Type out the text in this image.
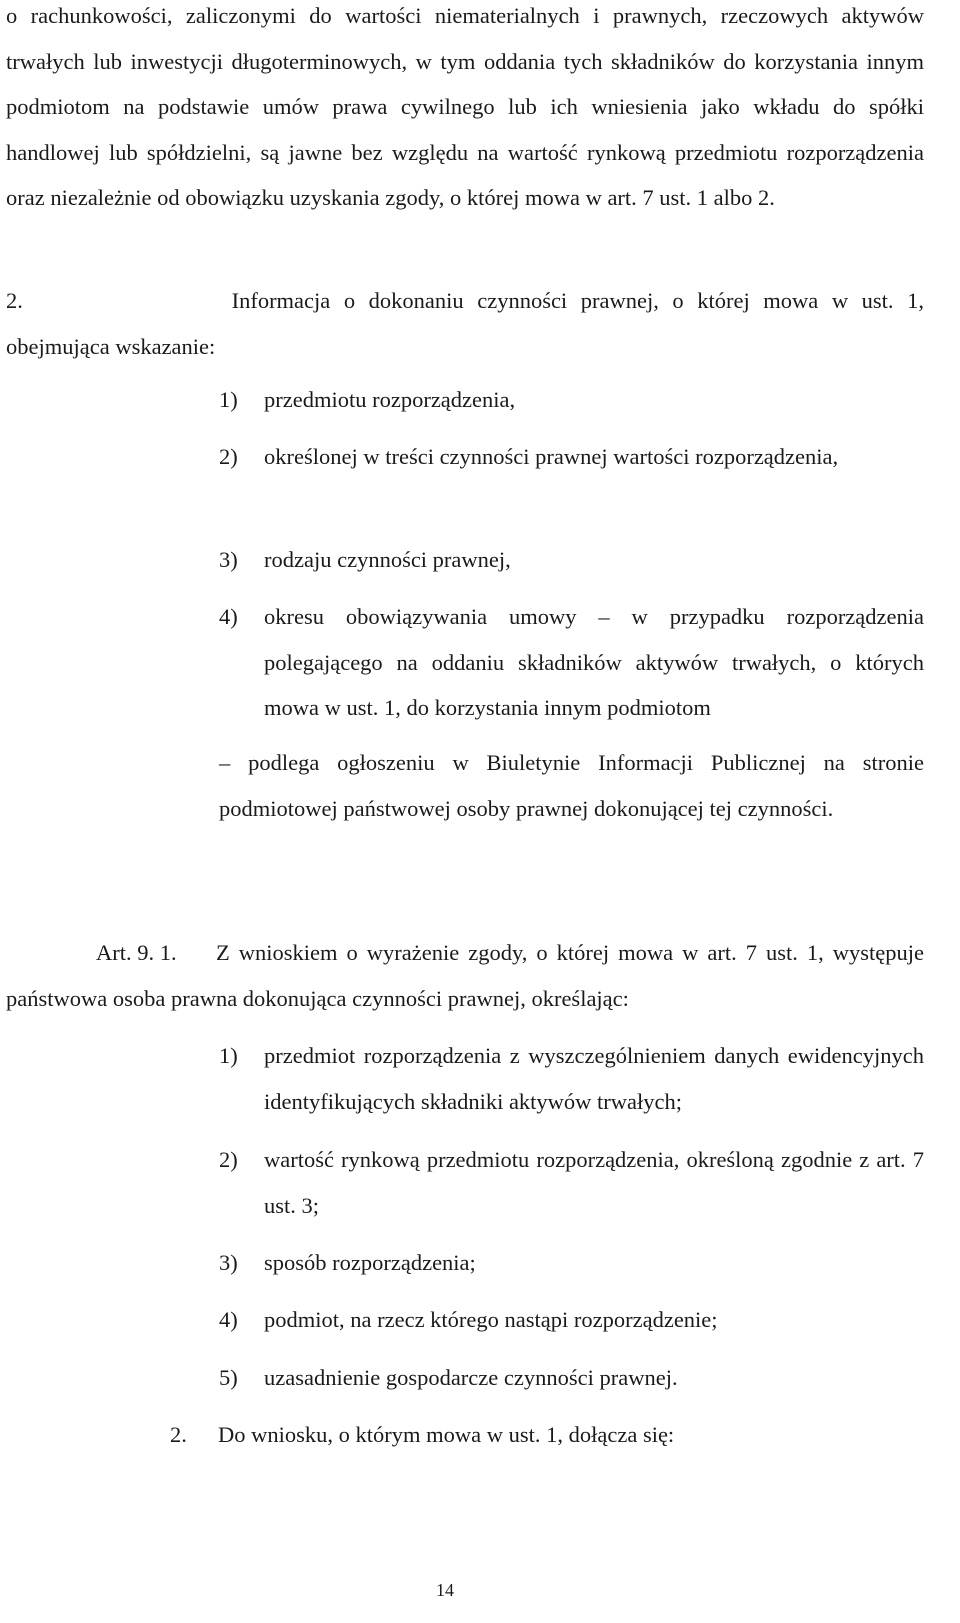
o rachunkowości, zaliczonymi do wartości niematerialnych i prawnych, rzeczowych aktywów trwałych lub inwestycji długoterminowych, w tym oddania tych składników do korzystania innym podmiotom na podstawie umów prawa cywilnego lub ich wniesienia jako wkładu do spółki handlowej lub spółdzielni, są jawne bez względu na wartość rynkową przedmiotu rozporządzenia oraz niezależnie od obowiązku uzyskania zgody, o której mowa w art. 7 ust. 1 albo 2.

2.	Informacja o dokonaniu czynności prawnej, o której mowa w ust. 1, obejmująca wskazanie:

1)	przedmiotu rozporządzenia,
2)	określonej w treści czynności prawnej wartości rozporządzenia,
3)	rodzaju czynności prawnej,
4)	okresu obowiązywania umowy – w przypadku rozporządzenia polegającego na oddaniu składników aktywów trwałych, o których mowa w ust. 1, do korzystania innym podmiotom

– podlega ogłoszeniu w Biuletynie Informacji Publicznej na stronie podmiotowej państwowej osoby prawnej dokonującej tej czynności.

Art. 9. 1. Z wnioskiem o wyrażenie zgody, o której mowa w art. 7 ust. 1, występuje państwowa osoba prawna dokonująca czynności prawnej, określając:

1)	przedmiot rozporządzenia z wyszczególnieniem danych ewidencyjnych identyfikujących składniki aktywów trwałych;
2)	wartość rynkową przedmiotu rozporządzenia, określoną zgodnie z art. 7 ust. 3;
3)	sposób rozporządzenia;
4)	podmiot, na rzecz którego nastąpi rozporządzenie;
5)	uzasadnienie gospodarcze czynności prawnej.

2. Do wniosku, o którym mowa w ust. 1, dołącza się:

14
